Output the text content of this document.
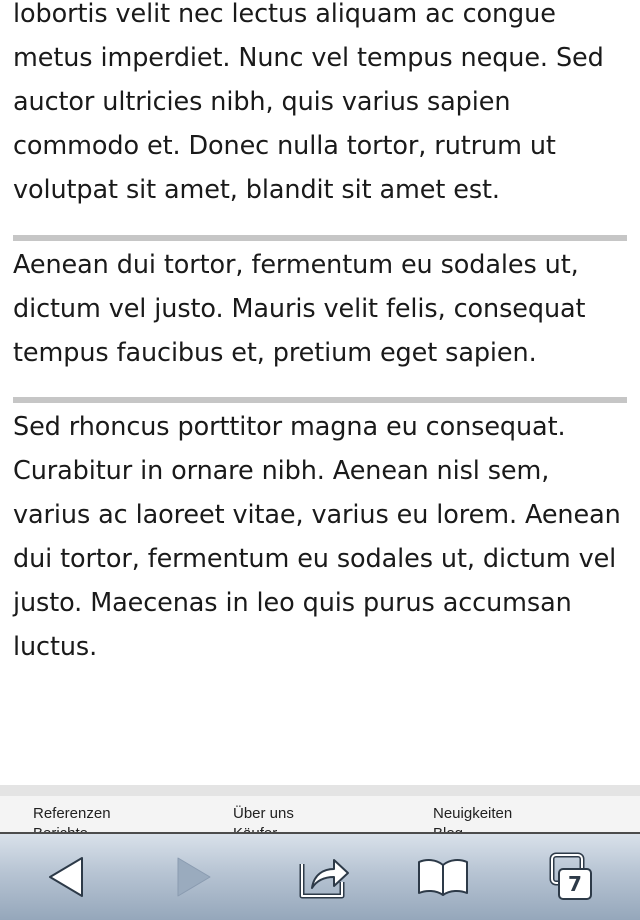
lobortis velit nec lectus aliquam ac congue metus imperdiet. Nunc vel tempus neque. Sed auctor ultricies nibh, quis varius sapien commodo et. Donec nulla tortor, rutrum ut volutpat sit amet, blandit sit amet est.

Aenean dui tortor, fermentum eu sodales ut, dictum vel justo. Mauris velit felis, consequat tempus faucibus et, pretium eget sapien.

Sed rhoncus porttitor magna eu consequat. Curabitur in ornare nibh. Aenean nisl sem, varius ac laoreet vitae, varius eu lorem. Aenean dui tortor, fermentum eu sodales ut, dictum vel justo. Maecenas in leo quis purus accumsan luctus.

Referenzen	Über uns	Neuigkeiten
7
